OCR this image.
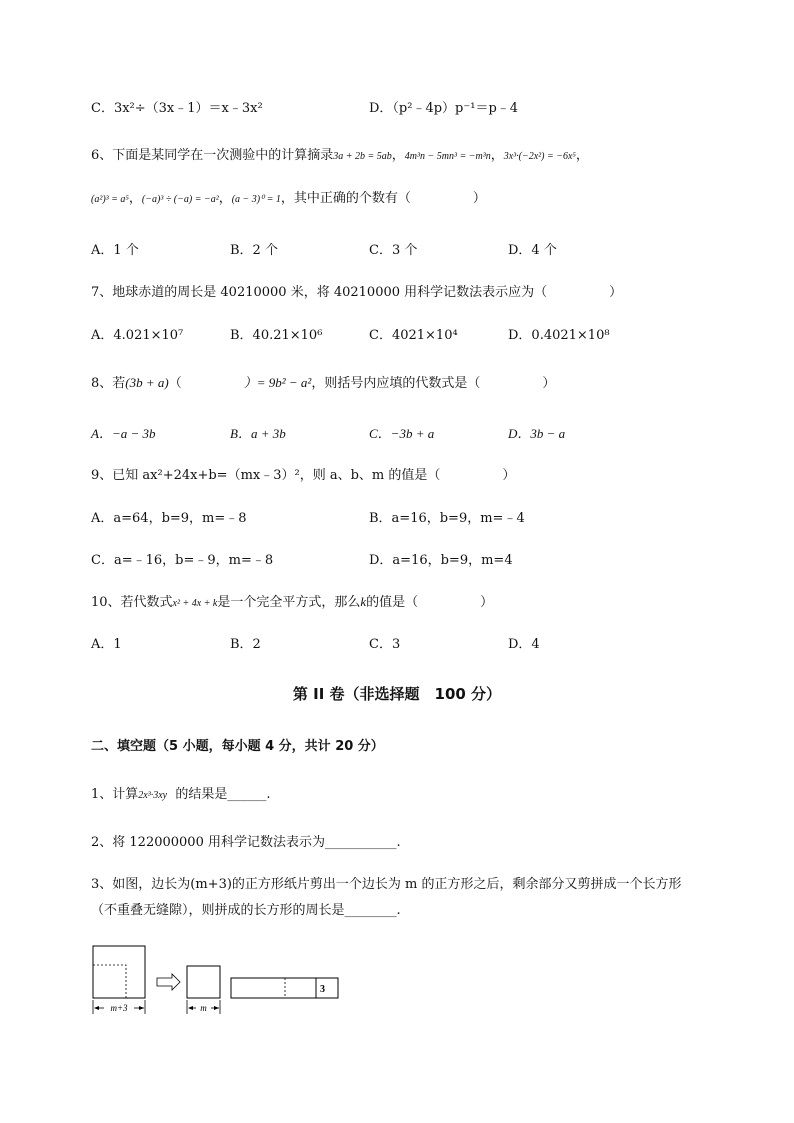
C．3x²÷（3x﹣1）＝x﹣3x²	D．（p²﹣4p）p⁻¹＝p﹣4
6、下面是某同学在一次测验中的计算摘录3a + 2b = 5ab，4m³n − 5mn³ = −m³n，3x³·(−2x²) = −6x⁵，
(a²)³ = a⁵，(−a)³ ÷ (−a) = −a²，(a − 3)⁰ = 1，其中正确的个数有（	）
A．1 个	B．2 个	C．3 个	D．4 个
7、地球赤道的周长是 40210000 米，将 40210000 用科学记数法表示应为（	）
A．4.021×10⁷	B．40.21×10⁶	C．4021×10⁴	D．0.4021×10⁸
8、若(3b + a)（	）= 9b² − a²，则括号内应填的代数式是（	）
A．−a − 3b	B．a + 3b	C．−3b + a	D．3b − a
9、已知 ax²+24x+b=（mx﹣3）²，则 a、b、m 的值是（	）
A．a=64，b=9，m=﹣8	B．a=16，b=9，m=﹣4
C．a=﹣16，b=﹣9，m=﹣8	D．a=16，b=9，m=4
10、若代数式x² + 4x + k是一个完全平方式，那么k的值是（	）
A．1	B．2	C．3	D．4
第 II 卷（非选择题　100 分）
二、填空题（5 小题，每小题 4 分，共计 20 分）
1、计算2x³·3xy 的结果是______.
2、将 122000000 用科学记数法表示为___________.
3、如图，边长为(m+3)的正方形纸片剪出一个边长为 m 的正方形之后，剩余部分又剪拼成一个长方形
（不重叠无缝隙），则拼成的长方形的周长是________.
m+3	m
3
